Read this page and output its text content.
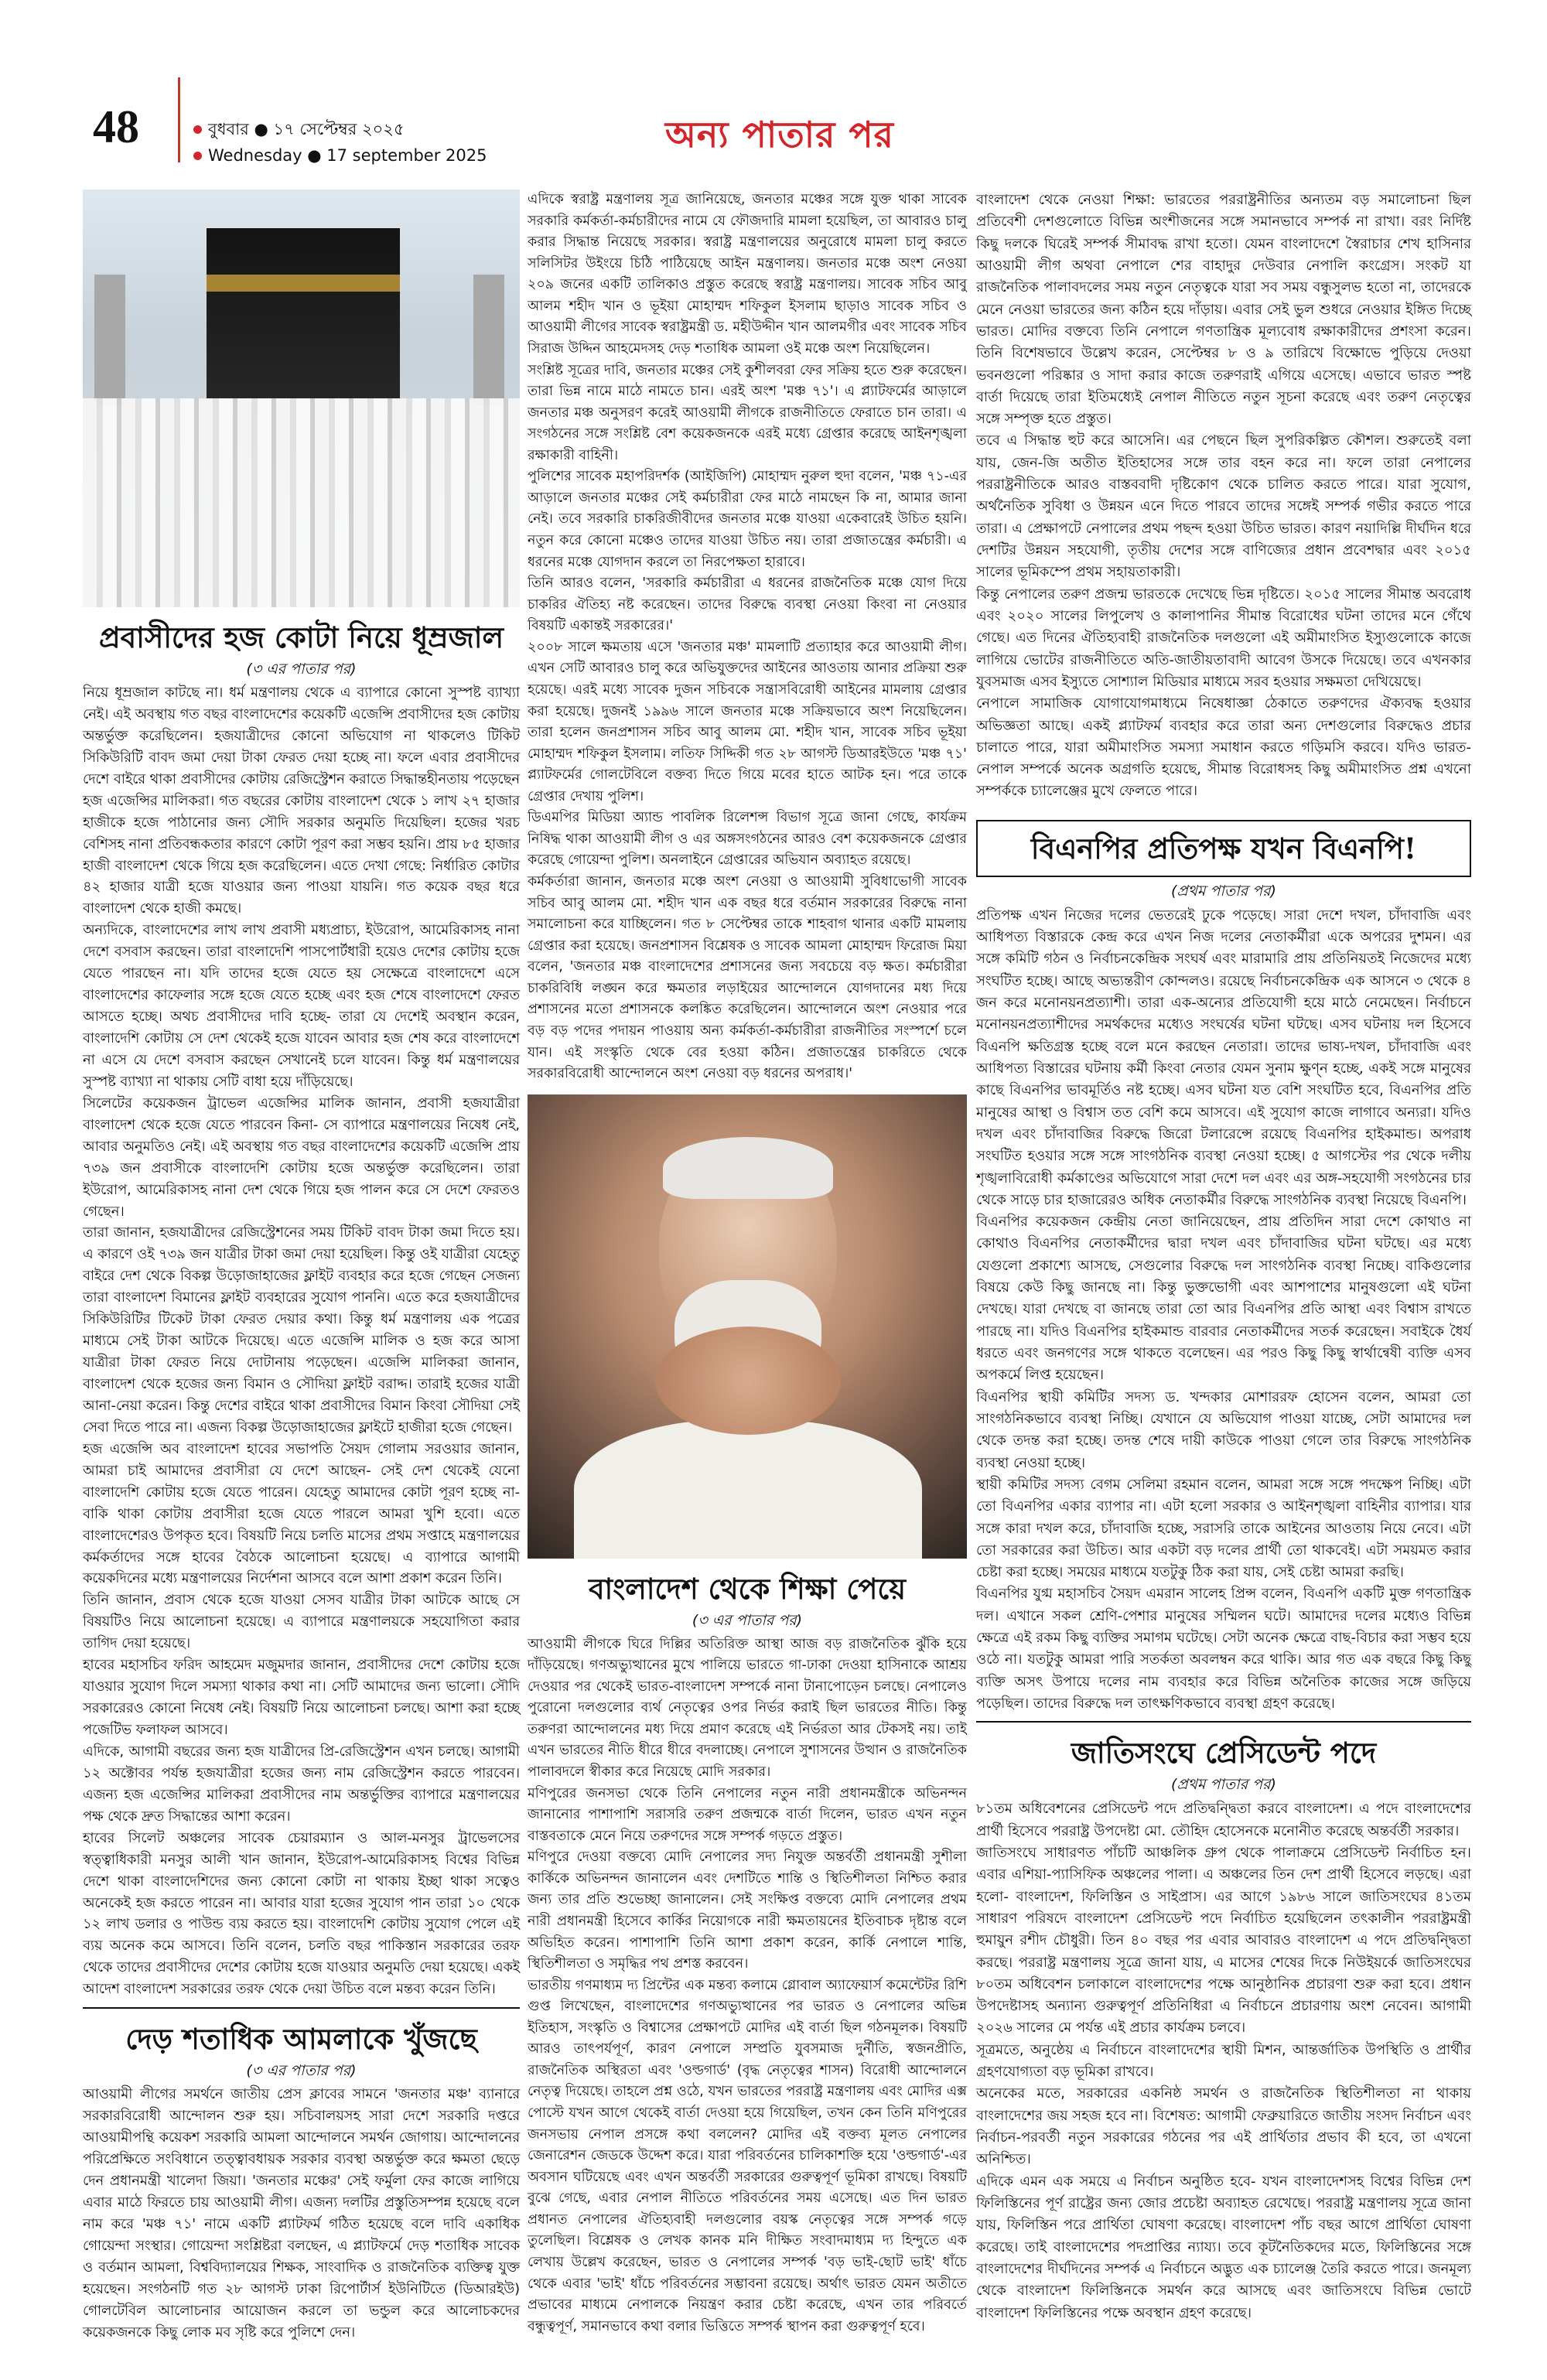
48	বুধবার ● ১৭ সেপ্টেম্বর ২০২৫
Wednesday ● 17 september 2025	অন্য পাতার পর
প্রবাসীদের হজ কোটা নিয়ে ধূম্রজাল
(৩ এর পাতার পর)

নিয়ে ধূম্রজাল কাটছে না। ধর্ম মন্ত্রণালয় থেকে এ ব্যাপারে কোনো সুস্পষ্ট ব্যাখ্যা নেই। এই অবস্থায় গত বছর বাংলাদেশের কয়েকটি এজেন্সি প্রবাসীদের হজ কোটায় অন্তর্ভুক্ত করেছিলেন। হজযাত্রীদের কোনো অভিযোগ না থাকলেও টিকিট সিকিউরিটি বাবদ জমা দেয়া টাকা ফেরত দেয়া হচ্ছে না। ফলে এবার প্রবাসীদের দেশে বাইরে থাকা প্রবাসীদের কোটায় রেজিস্ট্রেশন করাতে সিদ্ধান্তহীনতায় পড়েছেন হজ এজেন্সির মালিকরা। গত বছরের কোটায় বাংলাদেশ থেকে ১ লাখ ২৭ হাজার হাজীকে হজে পাঠানোর জন্য সৌদি সরকার অনুমতি দিয়েছিল। হজের খরচ বেশিসহ নানা প্রতিবন্ধকতার কারণে কোটা পূরণ করা সম্ভব হয়নি। প্রায় ৮৫ হাজার হাজী বাংলাদেশ থেকে গিয়ে হজ করেছিলেন। এতে দেখা গেছে: নির্ধারিত কোটার ৪২ হাজার যাত্রী হজে যাওয়ার জন্য পাওয়া যায়নি। গত কয়েক বছর ধরে বাংলাদেশ থেকে হাজী কমছে।

অন্যদিকে, বাংলাদেশের লাখ লাখ প্রবাসী মধ্যপ্রাচ্য, ইউরোপ, আমেরিকাসহ নানা দেশে বসবাস করছেন। তারা বাংলাদেশি পাসপোর্টধারী হয়েও দেশের কোটায় হজে যেতে পারছেন না। যদি তাদের হজে যেতে হয় সেক্ষেত্রে বাংলাদেশে এসে বাংলাদেশের কাফেলার সঙ্গে হজে যেতে হচ্ছে এবং হজ শেষে বাংলাদেশে ফেরত আসতে হচ্ছে। অথচ প্রবাসীদের দাবি হচ্ছে- তারা যে দেশেই অবস্থান করেন, বাংলাদেশি কোটায় সে দেশ থেকেই হজে যাবেন আবার হজ শেষ করে বাংলাদেশে না এসে যে দেশে বসবাস করছেন সেখানেই চলে যাবেন। কিন্তু ধর্ম মন্ত্রণালয়ের সুস্পষ্ট ব্যাখ্যা না থাকায় সেটি বাধা হয়ে দাঁড়িয়েছে।

সিলেটের কয়েকজন ট্রাভেল এজেন্সির মালিক জানান, প্রবাসী হজযাত্রীরা বাংলাদেশ থেকে হজে যেতে পারবেন কিনা- সে ব্যাপারে মন্ত্রণালয়ের নিষেধ নেই, আবার অনুমতিও নেই। এই অবস্থায় গত বছর বাংলাদেশের কয়েকটি এজেন্সি প্রায় ৭৩৯ জন প্রবাসীকে বাংলাদেশি কোটায় হজে অন্তর্ভুক্ত করেছিলেন। তারা ইউরোপ, আমেরিকাসহ নানা দেশ থেকে গিয়ে হজ পালন করে সে দেশে ফেরতও গেছেন।

তারা জানান, হজযাত্রীদের রেজিস্ট্রেশনের সময় টিকিট বাবদ টাকা জমা দিতে হয়। এ কারণে ওই ৭৩৯ জন যাত্রীর টাকা জমা দেয়া হয়েছিল। কিন্তু ওই যাত্রীরা যেহেতু বাইরে দেশ থেকে বিকল্প উড়োজাহাজের ফ্লাইট ব্যবহার করে হজে গেছেন সেজন্য তারা বাংলাদেশ বিমানের ফ্লাইট ব্যবহারের সুযোগ পাননি। এতে করে হজযাত্রীদের সিকিউরিটির টিকেট টাকা ফেরত দেয়ার কথা। কিন্তু ধর্ম মন্ত্রণালয় এক পত্রের মাধ্যমে সেই টাকা আটকে দিয়েছে। এতে এজেন্সি মালিক ও হজ করে আসা যাত্রীরা টাকা ফেরত নিয়ে দোটানায় পড়েছেন। এজেন্সি মালিকরা জানান, বাংলাদেশ থেকে হজের জন্য বিমান ও সৌদিয়া ফ্লাইট বরাদ্দ। তারাই হজের যাত্রী আনা-নেয়া করেন। কিন্তু দেশের বাইরে থাকা প্রবাসীদের বিমান কিংবা সৌদিয়া সেই সেবা দিতে পারে না। এজন্য বিকল্প উড়োজাহাজের ফ্লাইটে হাজীরা হজে গেছেন।

হজ এজেন্সি অব বাংলাদেশ হাবের সভাপতি সৈয়দ গোলাম সরওয়ার জানান, আমরা চাই আমাদের প্রবাসীরা যে দেশে আছেন- সেই দেশ থেকেই যেনো বাংলাদেশি কোটায় হজে যেতে পারেন। যেহেতু আমাদের কোটা পূরণ হচ্ছে না- বাকি থাকা কোটায় প্রবাসীরা হজে যেতে পারলে আমরা খুশি হবো। এতে বাংলাদেশেরও উপকৃত হবে। বিষয়টি নিয়ে চলতি মাসের প্রথম সপ্তাহে মন্ত্রণালয়ের কর্মকর্তাদের সঙ্গে হাবের বৈঠকে আলোচনা হয়েছে। এ ব্যাপারে আগামী কয়েকদিনের মধ্যে মন্ত্রণালয়ের নির্দেশনা আসবে বলে আশা প্রকাশ করেন তিনি।

তিনি জানান, প্রবাস থেকে হজে যাওয়া সেসব যাত্রীর টাকা আটকে আছে সে বিষয়টিও নিয়ে আলোচনা হয়েছে। এ ব্যাপারে মন্ত্রণালয়কে সহযোগিতা করার তাগিদ দেয়া হয়েছে।

হাবের মহাসচিব ফরিদ আহমেদ মজুমদার জানান, প্রবাসীদের দেশে কোটায় হজে যাওয়ার সুযোগ দিলে সমস্যা থাকার কথা না। সেটি আমাদের জন্য ভালো। সৌদি সরকারেরও কোনো নিষেধ নেই। বিষয়টি নিয়ে আলোচনা চলছে। আশা করা হচ্ছে পজেটিভ ফলাফল আসবে।

এদিকে, আগামী বছরের জন্য হজ যাত্রীদের প্রি-রেজিস্ট্রেশন এখন চলছে। আগামী ১২ অক্টোবর পর্যন্ত হজযাত্রীরা হজের জন্য নাম রেজিস্ট্রেশন করতে পারবেন। এজন্য হজ এজেন্সির মালিকরা প্রবাসীদের নাম অন্তর্ভুক্তির ব্যাপারে মন্ত্রণালয়ের পক্ষ থেকে দ্রুত সিদ্ধান্তের আশা করেন।

হাবের সিলেট অঞ্চলের সাবেক চেয়ারম্যান ও আল-মনসুর ট্রাভেলসের স্বত্ত্বাধিকারী মনসুর আলী খান জানান, ইউরোপ-আমেরিকাসহ বিশ্বের বিভিন্ন দেশে থাকা বাংলাদেশিদের জন্য কোনো কোটা না থাকায় ইচ্ছা থাকা সত্বেও অনেকেই হজ করতে পারেন না। আবার যারা হজের সুযোগ পান তারা ১০ থেকে ১২ লাখ ডলার ও পাউন্ড ব্যয় করতে হয়। বাংলাদেশি কোটায় সুযোগ পেলে এই ব্যয় অনেক কমে আসবে। তিনি বলেন, চলতি বছর পাকিস্তান সরকারের তরফ থেকে তাদের প্রবাসীদের দেশের কোটায় হজে যাওয়ার অনুমতি দেয়া হয়েছে। একই আদেশ বাংলাদেশ সরকারের তরফ থেকে দেয়া উচিত বলে মন্তব্য করেন তিনি।

দেড় শতাধিক আমলাকে খুঁজছে
(৩ এর পাতার পর)

আওয়ামী লীগের সমর্থনে জাতীয় প্রেস ক্লাবের সামনে 'জনতার মঞ্চ' ব্যানারে সরকারবিরোধী আন্দোলন শুরু হয়। সচিবালয়সহ সারা দেশে সরকারি দপ্তরে আওয়ামীপন্থি কয়েকশ সরকারি আমলা আন্দোলনে সমর্থন জোগায়। আন্দোলনের পরিপ্রেক্ষিতে সংবিধানে তত্ত্বাবধায়ক সরকার ব্যবস্থা অন্তর্ভুক্ত করে ক্ষমতা ছেড়ে দেন প্রধানমন্ত্রী খালেদা জিয়া। 'জনতার মঞ্চের' সেই ফর্মুলা ফের কাজে লাগিয়ে এবার মাঠে ফিরতে চায় আওয়ামী লীগ। এজন্য দলটির প্রস্তুতিসম্পন্ন হয়েছে বলে নাম করে 'মঞ্চ ৭১' নামে একটি প্ল্যাটফর্ম গঠিত হয়েছে বলে দাবি একাধিক গোয়েন্দা সংস্থার। গোয়েন্দা সংশ্লিষ্টরা বলছেন, এ প্ল্যাটফর্মে দেড় শতাধিক সাবেক ও বর্তমান আমলা, বিশ্ববিদ্যালয়ের শিক্ষক, সাংবাদিক ও রাজনৈতিক ব্যক্তিত্ব যুক্ত হয়েছেন। সংগঠনটি গত ২৮ আগস্ট ঢাকা রিপোর্টার্স ইউনিটিতে (ডিআরইউ) গোলটেবিল আলোচনার আয়োজন করলে তা ভন্ডুল করে আলোচকদের কয়েকজনকে কিছু লোক মব সৃষ্টি করে পুলিশে দেন।

এদিকে স্বরাষ্ট্র মন্ত্রণালয় সূত্র জানিয়েছে, জনতার মঞ্চের সঙ্গে যুক্ত থাকা সাবেক সরকারি কর্মকর্তা-কর্মচারীদের নামে যে ফৌজদারি মামলা হয়েছিল, তা আবারও চালু করার সিদ্ধান্ত নিয়েছে সরকার। স্বরাষ্ট্র মন্ত্রণালয়ের অনুরোধে মামলা চালু করতে সলিসিটর উইংয়ে চিঠি পাঠিয়েছে আইন মন্ত্রণালয়। জনতার মঞ্চে অংশ নেওয়া ২০৯ জনের একটি তালিকাও প্রস্তুত করেছে স্বরাষ্ট্র মন্ত্রণালয়। সাবেক সচিব আবু আলম শহীদ খান ও ভূইয়া মোহাম্মদ শফিকুল ইসলাম ছাড়াও সাবেক সচিব ও আওয়ামী লীগের সাবেক স্বরাষ্ট্রমন্ত্রী ড. মহীউদ্দীন খান আলমগীর এবং সাবেক সচিব সিরাজ উদ্দিন আহমেদসহ দেড় শতাধিক আমলা ওই মঞ্চে অংশ নিয়েছিলেন।

সংশ্লিষ্ট সূত্রের দাবি, জনতার মঞ্চের সেই কুশীলবরা ফের সক্রিয় হতে শুরু করেছেন। তারা ভিন্ন নামে মাঠে নামতে চান। এরই অংশ 'মঞ্চ ৭১'। এ প্ল্যাটফর্মের আড়ালে জনতার মঞ্চ অনুসরণ করেই আওয়ামী লীগকে রাজনীতিতে ফেরাতে চান তারা। এ সংগঠনের সঙ্গে সংশ্লিষ্ট বেশ কয়েকজনকে এরই মধ্যে গ্রেপ্তার করেছে আইনশৃঙ্খলা রক্ষাকারী বাহিনী।

পুলিশের সাবেক মহাপরিদর্শক (আইজিপি) মোহাম্মদ নুরুল হুদা বলেন, 'মঞ্চ ৭১-এর আড়ালে জনতার মঞ্চের সেই কর্মচারীরা ফের মাঠে নামছেন কি না, আমার জানা নেই। তবে সরকারি চাকরিজীবীদের জনতার মঞ্চে যাওয়া একেবারেই উচিত হয়নি। নতুন করে কোনো মঞ্চেও তাদের যাওয়া উচিত নয়। তারা প্রজাতন্ত্রের কর্মচারী। এ ধরনের মঞ্চে যোগদান করলে তা নিরপেক্ষতা হারাবে।

তিনি আরও বলেন, 'সরকারি কর্মচারীরা এ ধরনের রাজনৈতিক মঞ্চে যোগ দিয়ে চাকরির ঐতিহ্য নষ্ট করেছেন। তাদের বিরুদ্ধে ব্যবস্থা নেওয়া কিংবা না নেওয়ার বিষয়টি একান্তই সরকারের।'

২০০৮ সালে ক্ষমতায় এসে 'জনতার মঞ্চ' মামলাটি প্রত্যাহার করে আওয়ামী লীগ। এখন সেটি আবারও চালু করে অভিযুক্তদের আইনের আওতায় আনার প্রক্রিয়া শুরু হয়েছে। এরই মধ্যে সাবেক দুজন সচিবকে সন্ত্রাসবিরোধী আইনের মামলায় গ্রেপ্তার করা হয়েছে। দুজনই ১৯৯৬ সালে জনতার মঞ্চে সক্রিয়ভাবে অংশ নিয়েছিলেন। তারা হলেন জনপ্রশাসন সচিব আবু আলম মো. শহীদ খান, সাবেক সচিব ভূইয়া মোহাম্মদ শফিকুল ইসলাম। লতিফ সিদ্দিকী গত ২৮ আগস্ট ডিআরইউতে 'মঞ্চ ৭১' প্ল্যাটফর্মের গোলটেবিলে বক্তব্য দিতে গিয়ে মবের হাতে আটক হন। পরে তাকে গ্রেপ্তার দেখায় পুলিশ।

ডিএমপির মিডিয়া অ্যান্ড পাবলিক রিলেশন্স বিভাগ সূত্রে জানা গেছে, কার্যক্রম নিষিদ্ধ থাকা আওয়ামী লীগ ও এর অঙ্গসংগঠনের আরও বেশ কয়েকজনকে গ্রেপ্তার করেছে গোয়েন্দা পুলিশ। অনলাইনে গ্রেপ্তারের অভিযান অব্যাহত রয়েছে।

কর্মকর্তারা জানান, জনতার মঞ্চে অংশ নেওয়া ও আওয়ামী সুবিধাভোগী সাবেক সচিব আবু আলম মো. শহীদ খান এক বছর ধরে বর্তমান সরকারের বিরুদ্ধে নানা সমালোচনা করে যাচ্ছিলেন। গত ৮ সেপ্টেম্বর তাকে শাহবাগ থানার একটি মামলায় গ্রেপ্তার করা হয়েছে। জনপ্রশাসন বিশ্লেষক ও সাবেক আমলা মোহাম্মদ ফিরোজ মিয়া বলেন, 'জনতার মঞ্চ বাংলাদেশের প্রশাসনের জন্য সবচেয়ে বড় ক্ষত। কর্মচারীরা চাকরিবিধি লঙ্ঘন করে ক্ষমতার লড়াইয়ের আন্দোলনে যোগদানের মধ্য দিয়ে প্রশাসনের মতো প্রশাসনকে কলঙ্কিত করেছিলেন। আন্দোলনে অংশ নেওয়ার পরে বড় বড় পদের পদায়ন পাওয়ায় অন্য কর্মকর্তা-কর্মচারীরা রাজনীতির সংস্পর্শে চলে যান। এই সংস্কৃতি থেকে বের হওয়া কঠিন। প্রজাতন্ত্রের চাকরিতে থেকে সরকারবিরোধী আন্দোলনে অংশ নেওয়া বড় ধরনের অপরাধ।'

বাংলাদেশ থেকে শিক্ষা পেয়ে
(৩ এর পাতার পর)

আওয়ামী লীগকে ঘিরে দিল্লির অতিরিক্ত আস্থা আজ বড় রাজনৈতিক ঝুঁকি হয়ে দাঁড়িয়েছে। গণঅভ্যুত্থানের মুখে পালিয়ে ভারতে গা-ঢাকা দেওয়া হাসিনাকে আশ্রয় দেওয়ার পর থেকেই ভারত-বাংলাদেশ সম্পর্কে নানা টানাপোড়েন চলছে। নেপালেও পুরোনো দলগুলোর ব্যর্থ নেতৃত্বের ওপর নির্ভর করাই ছিল ভারতের নীতি। কিন্তু তরুণরা আন্দোলনের মধ্য দিয়ে প্রমাণ করেছে এই নির্ভরতা আর টেকসই নয়। তাই এখন ভারতের নীতি ধীরে ধীরে বদলাচ্ছে। নেপালে সুশাসনের উত্থান ও রাজনৈতিক পালাবদলে স্বীকার করে নিয়েছে মোদি সরকার।

মণিপুরের জনসভা থেকে তিনি নেপালের নতুন নারী প্রধানমন্ত্রীকে অভিনন্দন জানানোর পাশাপাশি সরাসরি তরুণ প্রজন্মকে বার্তা দিলেন, ভারত এখন নতুন বাস্তবতাকে মেনে নিয়ে তরুণদের সঙ্গে সম্পর্ক গড়তে প্রস্তুত।

মণিপুরে দেওয়া বক্তব্যে মোদি নেপালের সদ্য নিযুক্ত অন্তর্বর্তী প্রধানমন্ত্রী সুশীলা কার্কিকে অভিনন্দন জানালেন এবং দেশটিতে শান্তি ও স্থিতিশীলতা নিশ্চিত করার জন্য তার প্রতি শুভেচ্ছা জানালেন। সেই সংক্ষিপ্ত বক্তব্যে মোদি নেপালের প্রথম নারী প্রধানমন্ত্রী হিসেবে কার্কির নিয়োগকে নারী ক্ষমতায়নের ইতিবাচক দৃষ্টান্ত বলে অভিহিত করেন। পাশাপাশি তিনি আশা প্রকাশ করেন, কার্কি নেপালে শান্তি, স্থিতিশীলতা ও সমৃদ্ধির পথ প্রশস্ত করবেন।

ভারতীয় গণমাধ্যম দ্য প্রিন্টের এক মন্তব্য কলামে গ্লোবাল অ্যাফেয়ার্স কমেন্টেটর রিশি গুপ্ত লিখেছেন, বাংলাদেশের গণঅভ্যুত্থানের পর ভারত ও নেপালের অভিন্ন ইতিহাস, সংস্কৃতি ও বিশ্বাসের প্রেক্ষাপটে মোদির এই বার্তা ছিল গঠনমূলক। বিষয়টি আরও তাৎপর্যপূর্ণ, কারণ নেপালে সম্প্রতি যুবসমাজ দুর্নীতি, স্বজনপ্রীতি, রাজনৈতিক অস্থিরতা এবং 'ওল্ডগার্ড' (বৃদ্ধ নেতৃত্বের শাসন) বিরোধী আন্দোলনে নেতৃত্ব দিয়েছে। তাহলে প্রশ্ন ওঠে, যখন ভারতের পররাষ্ট্র মন্ত্রণালয় এবং মোদির এক্স পোস্টে যখন আগে থেকেই বার্তা দেওয়া হয়ে গিয়েছিল, তখন কেন তিনি মণিপুরের জনসভায় নেপাল প্রসঙ্গে কথা বললেন? মোদির এই বক্তব্য মূলত নেপালের জেনারেশন জেডকে উদ্দেশ করে। যারা পরিবর্তনের চালিকাশক্তি হয়ে 'ওল্ডগার্ড'-এর অবসান ঘটিয়েছে এবং এখন অন্তর্বর্তী সরকারের গুরুত্বপূর্ণ ভূমিকা রাখছে। বিষয়টি বুঝে গেছে, এবার নেপাল নীতিতে পরিবর্তনের সময় এসেছে। এত দিন ভারত প্রধানত নেপালের ঐতিহ্যবাহী দলগুলোর বয়স্ক নেতৃত্বের সঙ্গে সম্পর্ক গড়ে তুলেছিল। বিশ্লেষক ও লেখক কানক মনি দীক্ষিত সংবাদমাধ্যম দ্য হিন্দুতে এক লেখায় উল্লেখ করেছেন, ভারত ও নেপালের সম্পর্ক 'বড় ভাই-ছোট ভাই' ধাঁচে থেকে এবার 'ভাই' ধাঁচে পরিবর্তনের সম্ভাবনা রয়েছে। অর্থাৎ ভারত যেমন অতীতে প্রভাবের মাধ্যমে নেপালকে নিয়ন্ত্রণ করার চেষ্টা করেছে, এখন তার পরিবর্তে বন্ধুত্বপূর্ণ, সমানভাবে কথা বলার ভিত্তিতে সম্পর্ক স্থাপন করা গুরুত্বপূর্ণ হবে।

বাংলাদেশ থেকে নেওয়া শিক্ষা: ভারতের পররাষ্ট্রনীতির অন্যতম বড় সমালোচনা ছিল প্রতিবেশী দেশগুলোতে বিভিন্ন অংশীজনের সঙ্গে সমানভাবে সম্পর্ক না রাখা। বরং নির্দিষ্ট কিছু দলকে ঘিরেই সম্পর্ক সীমাবদ্ধ রাখা হতো। যেমন বাংলাদেশে স্বৈরাচার শেখ হাসিনার আওয়ামী লীগ অথবা নেপালে শের বাহাদুর দেউবার নেপালি কংগ্রেস। সংকট যা রাজনৈতিক পালাবদলের সময় নতুন নেতৃত্বকে যারা সব সময় বন্ধুসুলভ হতো না, তাদেরকে মেনে নেওয়া ভারতের জন্য কঠিন হয়ে দাঁড়ায়। এবার সেই ভুল শুধরে নেওয়ার ইঙ্গিত দিচ্ছে ভারত। মোদির বক্তব্যে তিনি নেপালে গণতান্ত্রিক মূল্যবোধ রক্ষাকারীদের প্রশংসা করেন। তিনি বিশেষভাবে উল্লেখ করেন, সেপ্টেম্বর ৮ ও ৯ তারিখে বিক্ষোভে পুড়িয়ে দেওয়া ভবনগুলো পরিষ্কার ও সাদা করার কাজে তরুণরাই এগিয়ে এসেছে। এভাবে ভারত স্পষ্ট বার্তা দিয়েছে তারা ইতিমধ্যেই নেপাল নীতিতে নতুন সূচনা করেছে এবং তরুণ নেতৃত্বের সঙ্গে সম্পৃক্ত হতে প্রস্তুত।

তবে এ সিদ্ধান্ত হুট করে আসেনি। এর পেছনে ছিল সুপরিকল্পিত কৌশল। শুরুতেই বলা যায়, জেন-জি অতীত ইতিহাসের সঙ্গে তার বহন করে না। ফলে তারা নেপালের পররাষ্ট্রনীতিকে আরও বাস্তববাদী দৃষ্টিকোণ থেকে চালিত করতে পারে। যারা সুযোগ, অর্থনৈতিক সুবিধা ও উন্নয়ন এনে দিতে পারবে তাদের সঙ্গেই সম্পর্ক গভীর করতে পারে তারা। এ প্রেক্ষাপটে নেপালের প্রথম পছন্দ হওয়া উচিত ভারত। কারণ নয়াদিল্লি দীর্ঘদিন ধরে দেশটির উন্নয়ন সহযোগী, তৃতীয় দেশের সঙ্গে বাণিজ্যের প্রধান প্রবেশদ্বার এবং ২০১৫ সালের ভূমিকম্পে প্রথম সহায়তাকারী।

কিন্তু নেপালের তরুণ প্রজন্ম ভারতকে দেখেছে ভিন্ন দৃষ্টিতে। ২০১৫ সালের সীমান্ত অবরোধ এবং ২০২০ সালের লিপুলেখ ও কালাপানির সীমান্ত বিরোধের ঘটনা তাদের মনে গেঁথে গেছে। এত দিনের ঐতিহ্যবাহী রাজনৈতিক দলগুলো এই অমীমাংসিত ইস্যুগুলোকে কাজে লাগিয়ে ভোটের রাজনীতিতে অতি-জাতীয়তাবাদী আবেগ উসকে দিয়েছে। তবে এখনকার যুবসমাজ এসব ইস্যুতে সোশ্যাল মিডিয়ার মাধ্যমে সরব হওয়ার সক্ষমতা দেখিয়েছে।

নেপালে সামাজিক যোগাযোগমাধ্যমে নিষেধাজ্ঞা ঠেকাতে তরুণদের ঐক্যবদ্ধ হওয়ার অভিজ্ঞতা আছে। একই প্ল্যাটফর্ম ব্যবহার করে তারা অন্য দেশগুলোর বিরুদ্ধেও প্রচার চালাতে পারে, যারা অমীমাংসিত সমস্যা সমাধান করতে গড়িমসি করবে। যদিও ভারত-নেপাল সম্পর্কে অনেক অগ্রগতি হয়েছে, সীমান্ত বিরোধসহ কিছু অমীমাংসিত প্রশ্ন এখনো সম্পর্ককে চ্যালেঞ্জের মুখে ফেলতে পারে।

বিএনপির প্রতিপক্ষ যখন বিএনপি!
(প্রথম পাতার পর)

প্রতিপক্ষ এখন নিজের দলের ভেতরেই ঢুকে পড়েছে। সারা দেশে দখল, চাঁদাবাজি এবং আধিপত্য বিস্তারকে কেন্দ্র করে এখন নিজ দলের নেতাকর্মীরা একে অপরের দুশমন। এর সঙ্গে কমিটি গঠন ও নির্বাচনকেন্দ্রিক সংঘর্ষ এবং মারামারি প্রায় প্রতিনিয়তই নিজেদের মধ্যে সংঘটিত হচ্ছে। আছে অভ্যন্তরীণ কোন্দলও। রয়েছে নির্বাচনকেন্দ্রিক এক আসনে ৩ থেকে ৪ জন করে মনোনয়নপ্রত্যাশী। তারা এক-অন্যের প্রতিযোগী হয়ে মাঠে নেমেছেন। নির্বাচনে মনোনয়নপ্রত্যাশীদের সমর্থকদের মধ্যেও সংঘর্ষের ঘটনা ঘটছে। এসব ঘটনায় দল হিসেবে বিএনপি ক্ষতিগ্রস্ত হচ্ছে বলে মনে করছেন নেতারা। তাদের ভাষ্য-দখল, চাঁদাবাজি এবং আধিপত্য বিস্তারের ঘটনায় কর্মী কিংবা নেতার যেমন সুনাম ক্ষুণ্ন হচ্ছে, একই সঙ্গে মানুষের কাছে বিএনপির ভাবমূর্তিও নষ্ট হচ্ছে। এসব ঘটনা যত বেশি সংঘটিত হবে, বিএনপির প্রতি মানুষের আস্থা ও বিশ্বাস তত বেশি কমে আসবে। এই সুযোগ কাজে লাগাবে অন্যরা। যদিও দখল এবং চাঁদাবাজির বিরুদ্ধে জিরো টলারেন্সে রয়েছে বিএনপির হাইকমান্ড। অপরাধ সংঘটিত হওয়ার সঙ্গে সঙ্গে সাংগঠনিক ব্যবস্থা নেওয়া হচ্ছে। ৫ আগস্টের পর থেকে দলীয় শৃঙ্খলাবিরোধী কর্মকাণ্ডের অভিযোগে সারা দেশে দল এবং এর অঙ্গ-সহযোগী সংগঠনের চার থেকে সাড়ে চার হাজারেরও অধিক নেতাকর্মীর বিরুদ্ধে সাংগঠনিক ব্যবস্থা নিয়েছে বিএনপি।

বিএনপির কয়েকজন কেন্দ্রীয় নেতা জানিয়েছেন, প্রায় প্রতিদিন সারা দেশে কোথাও না কোথাও বিএনপির নেতাকর্মীদের দ্বারা দখল এবং চাঁদাবাজির ঘটনা ঘটছে। এর মধ্যে যেগুলো প্রকাশ্যে আসছে, সেগুলোর বিরুদ্ধে দল সাংগঠনিক ব্যবস্থা নিচ্ছে। বাকিগুলোর বিষয়ে কেউ কিছু জানছে না। কিন্তু ভুক্তভোগী এবং আশপাশের মানুষগুলো এই ঘটনা দেখছে। যারা দেখছে বা জানছে তারা তো আর বিএনপির প্রতি আস্থা এবং বিশ্বাস রাখতে পারছে না। যদিও বিএনপির হাইকমান্ড বারবার নেতাকর্মীদের সতর্ক করেছেন। সবাইকে ধৈর্য ধরতে এবং জনগণের সঙ্গে থাকতে বলেছেন। এর পরও কিছু কিছু স্বার্থান্বেষী ব্যক্তি এসব অপকর্মে লিপ্ত হয়েছেন।

বিএনপির স্থায়ী কমিটির সদস্য ড. খন্দকার মোশাররফ হোসেন বলেন, আমরা তো সাংগঠনিকভাবে ব্যবস্থা নিচ্ছি। যেখানে যে অভিযোগ পাওয়া যাচ্ছে, সেটা আমাদের দল থেকে তদন্ত করা হচ্ছে। তদন্ত শেষে দায়ী কাউকে পাওয়া গেলে তার বিরুদ্ধে সাংগঠনিক ব্যবস্থা নেওয়া হচ্ছে।

স্থায়ী কমিটির সদস্য বেগম সেলিমা রহমান বলেন, আমরা সঙ্গে সঙ্গে পদক্ষেপ নিচ্ছি। এটা তো বিএনপির একার ব্যাপার না। এটা হলো সরকার ও আইনশৃঙ্খলা বাহিনীর ব্যাপার। যার সঙ্গে কারা দখল করে, চাঁদাবাজি হচ্ছে, সরাসরি তাকে আইনের আওতায় নিয়ে নেবে। এটা তো সরকারের করা উচিত। আর একটা বড় দলের প্রার্থী তো থাকবেই। এটা সময়মত করার চেষ্টা করা হচ্ছে। সময়ের মাধ্যমে যতটুকু ঠিক করা যায়, সেই চেষ্টা আমরা করছি।

বিএনপির যুগ্ম মহাসচিব সৈয়দ এমরান সালেহ প্রিন্স বলেন, বিএনপি একটি মুক্ত গণতান্ত্রিক দল। এখানে সকল শ্রেণি-পেশার মানুষের সম্মিলন ঘটে। আমাদের দলের মধ্যেও বিভিন্ন ক্ষেত্রে এই রকম কিছু ব্যক্তির সমাগম ঘটেছে। সেটা অনেক ক্ষেত্রে বাছ-বিচার করা সম্ভব হয়ে ওঠে না। যতটুকু আমরা পারি সতর্কতা অবলম্বন করে থাকি। আর গত এক বছরে কিছু কিছু ব্যক্তি অসৎ উপায়ে দলের নাম ব্যবহার করে বিভিন্ন অনৈতিক কাজের সঙ্গে জড়িয়ে পড়েছিল। তাদের বিরুদ্ধে দল তাৎক্ষণিকভাবে ব্যবস্থা গ্রহণ করেছে।

জাতিসংঘে প্রেসিডেন্ট পদে
(প্রথম পাতার পর)

৮১তম অধিবেশনের প্রেসিডেন্ট পদে প্রতিদ্বন্দ্বিতা করবে বাংলাদেশ। এ পদে বাংলাদেশের প্রার্থী হিসেবে পররাষ্ট্র উপদেষ্টা মো. তৌহিদ হোসেনকে মনোনীত করেছে অন্তর্বর্তী সরকার।

জাতিসংঘে সাধারণত পাঁচটি আঞ্চলিক গ্রুপ থেকে পালাক্রমে প্রেসিডেন্ট নির্বাচিত হন। এবার এশিয়া-প্যাসিফিক অঞ্চলের পালা। এ অঞ্চলের তিন দেশ প্রার্থী হিসেবে লড়ছে। এরা হলো- বাংলাদেশ, ফিলিস্তিন ও সাইপ্রাস। এর আগে ১৯৮৬ সালে জাতিসংঘের ৪১তম সাধারণ পরিষদে বাংলাদেশ প্রেসিডেন্ট পদে নির্বাচিত হয়েছিলেন তৎকালীন পররাষ্ট্রমন্ত্রী হুমায়ুন রশীদ চৌধুরী। তিন ৪০ বছর পর এবার আবারও বাংলাদেশ এ পদে প্রতিদ্বন্দ্বিতা করছে। পররাষ্ট্র মন্ত্রণালয় সূত্রে জানা যায়, এ মাসের শেষের দিকে নিউইয়র্কে জাতিসংঘের ৮০তম অধিবেশন চলাকালে বাংলাদেশের পক্ষে আনুষ্ঠানিক প্রচারণা শুরু করা হবে। প্রধান উপদেষ্টাসহ অন্যান্য গুরুত্বপূর্ণ প্রতিনিধিরা এ নির্বাচনে প্রচারণায় অংশ নেবেন। আগামী ২০২৬ সালের মে পর্যন্ত এই প্রচার কার্যক্রম চলবে।

সূত্রমতে, অনুষ্ঠেয় এ নির্বাচনে বাংলাদেশের স্থায়ী মিশন, আন্তর্জাতিক উপস্থিতি ও প্রার্থীর গ্রহণযোগ্যতা বড় ভূমিকা রাখবে।

অনেকের মতে, সরকারের একনিষ্ঠ সমর্থন ও রাজনৈতিক স্থিতিশীলতা না থাকায় বাংলাদেশের জয় সহজ হবে না। বিশেষত: আগামী ফেব্রুয়ারিতে জাতীয় সংসদ নির্বাচন এবং নির্বাচন-পরবর্তী নতুন সরকারের গঠনের পর এই প্রার্থিতার প্রভাব কী হবে, তা এখনো অনিশ্চিত।

এদিকে এমন এক সময়ে এ নির্বাচন অনুষ্ঠিত হবে- যখন বাংলাদেশসহ বিশ্বের বিভিন্ন দেশ ফিলিস্তিনের পূর্ণ রাষ্ট্রের জন্য জোর প্রচেষ্টা অব্যাহত রেখেছে। পররাষ্ট্র মন্ত্রণালয় সূত্রে জানা যায়, ফিলিস্তিন পরে প্রার্থিতা ঘোষণা করেছে। বাংলাদেশ পাঁচ বছর আগে প্রার্থিতা ঘোষণা করেছে। তাই বাংলাদেশের পদপ্রাপ্তির ন্যায্য। তবে কূটনৈতিকদের মতে, ফিলিস্তিনের সঙ্গে বাংলাদেশের দীর্ঘদিনের সম্পর্ক এ নির্বাচনে অদ্ভুত এক চ্যালেঞ্জ তৈরি করতে পারে। জনমূল্য থেকে বাংলাদেশ ফিলিস্তিনকে সমর্থন করে আসছে এবং জাতিসংঘে বিভিন্ন ভোটে বাংলাদেশ ফিলিস্তিনের পক্ষে অবস্থান গ্রহণ করেছে।
